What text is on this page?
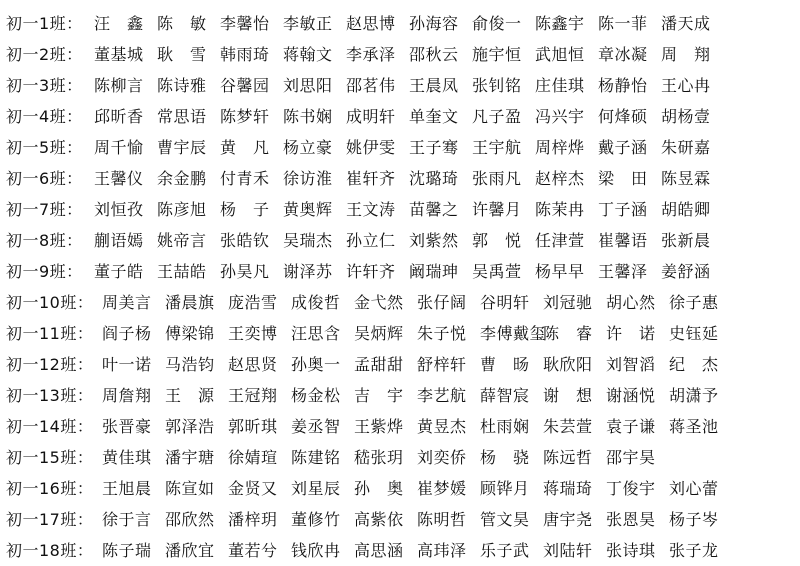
初一1班： 汪　鑫 陈　敏 李馨怡 李敏正 赵思博 孙海容 俞俊一 陈鑫宇 陈一菲 潘天成
初一2班： 董基城 耿　雪 韩雨琦 蒋翰文 李承泽 邵秋云 施宇恒 武旭恒 章冰凝 周　翔
初一3班： 陈柳言 陈诗雅 谷馨园 刘思阳 邵茗伟 王晨凤 张钊铭 庄佳琪 杨静怡 王心冉
初一4班： 邱昕香 常思语 陈梦轩 陈书娴 成明轩 单奎文 凡子盈 冯兴宇 何烽硕 胡杨壹
初一5班： 周千愉 曹宇辰 黄　凡 杨立豪 姚伊雯 王子骞 王宇航 周梓烨 戴子涵 朱研嘉
初一6班： 王馨仪 余金鹏 付青禾 徐访淮 崔轩齐 沈璐琦 张雨凡 赵梓杰 梁　田 陈昱霖
初一7班： 刘恒孜 陈彦旭 杨　子 黄奥辉 王文涛 苗馨之 许馨月 陈茉冉 丁子涵 胡皓卿
初一8班： 蒯语嫣 姚帝言 张皓钦 吴瑞杰 孙立仁 刘紫然 郭　悦 任津萱 崔馨语 张新晨
初一9班： 董子皓 王喆皓 孙昊凡 谢泽苏 许轩齐 阚瑞珅 吴禹萱 杨早早 王馨泽 姜舒涵
初一10班： 周美言 潘晨旗 庞浩雪 成俊哲 金弋然 张仔阔 谷明轩 刘冠驰 胡心然 徐子惠
初一11班： 阎子杨 傅梁锦 王奕博 汪思含 吴炳辉 朱子悦 李傅戴玺
陈　睿 许　诺 史钰延
初一12班： 叶一诺 马浩钧 赵思贤 孙奥一 孟甜甜 舒梓轩 曹　旸 耿欣阳 刘智滔 纪　杰
初一13班： 周詹翔 王　源 王冠翔 杨金松 吉　宇 李艺航 薛智宸 谢　想 谢涵悦 胡潇予
初一14班： 张晋豪 郭泽浩 郭昕琪 姜丞智 王紫烨 黄昱杰 杜雨娴 朱芸萱 袁子谦 蒋圣池
初一15班： 黄佳琪 潘宇瑭 徐婧瑄 陈建铭 嵇张玥 刘奕侨 杨　骁 陈远哲 邵宇昊
初一16班： 王旭晨 陈宣如 金贤又 刘星辰 孙　奥 崔梦媛 顾铧月 蒋瑞琦 丁俊宇 刘心蕾
初一17班： 徐于言 邵欣然 潘梓玥 董修竹 高紫依 陈明哲 管文昊 唐宇尧 张恩昊 杨子岑
初一18班： 陈子瑞 潘欣宜 董若兮 钱欣冉 高思涵 高玮泽 乐子武 刘陆轩 张诗琪 张子龙
